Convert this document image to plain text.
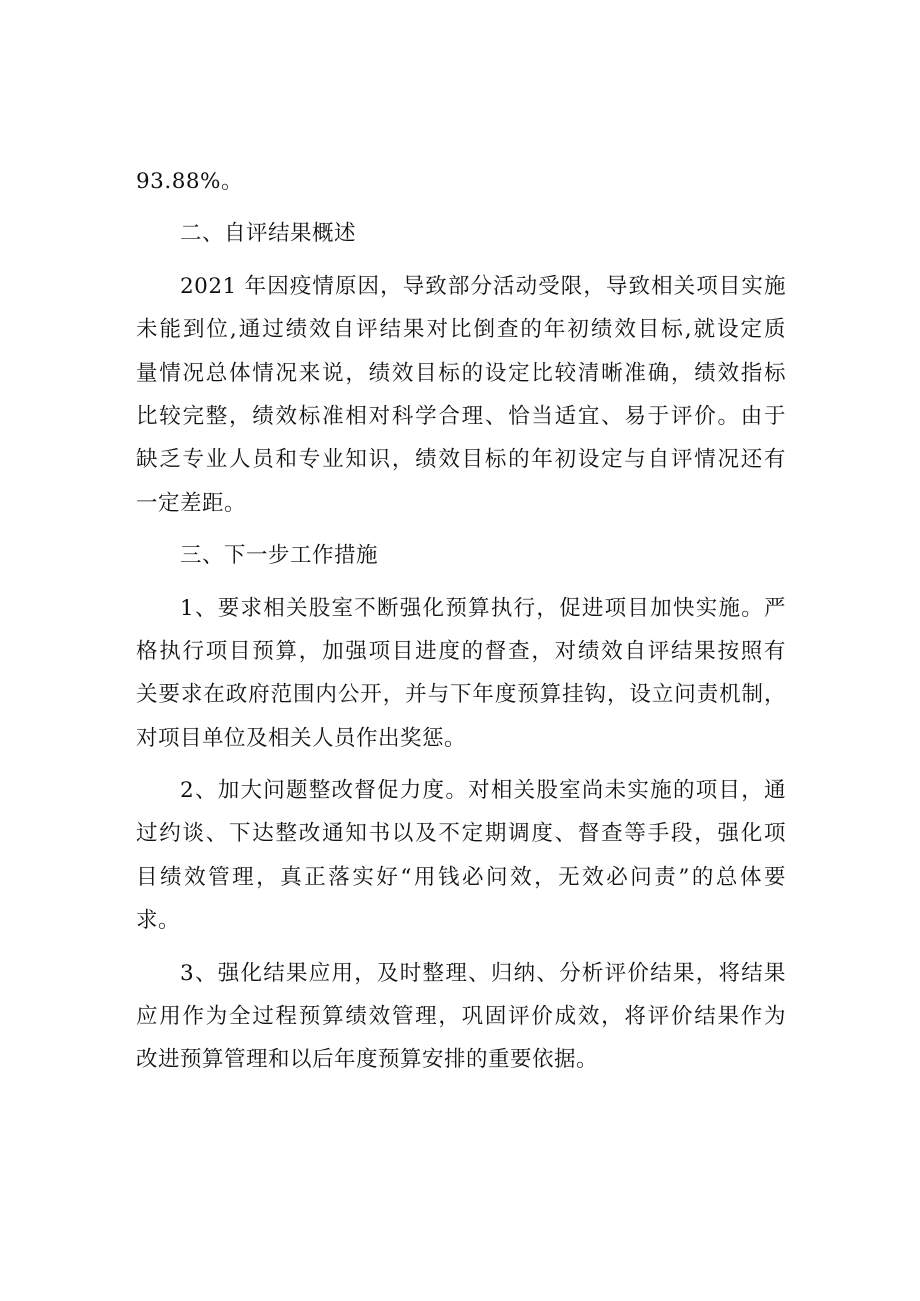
93.88%。
二、自评结果概述
2021 年因疫情原因，导致部分活动受限，导致相关项目实施
未能到位,通过绩效自评结果对比倒查的年初绩效目标,就设定质
量情况总体情况来说，绩效目标的设定比较清晰准确，绩效指标
比较完整，绩效标准相对科学合理、恰当适宜、易于评价。由于
缺乏专业人员和专业知识，绩效目标的年初设定与自评情况还有
一定差距。
三、下一步工作措施
1、要求相关股室不断强化预算执行，促进项目加快实施。严
格执行项目预算，加强项目进度的督查，对绩效自评结果按照有
关要求在政府范围内公开，并与下年度预算挂钩，设立问责机制，
对项目单位及相关人员作出奖惩。
2、加大问题整改督促力度。对相关股室尚未实施的项目，通
过约谈、下达整改通知书以及不定期调度、督查等手段，强化项
目绩效管理，真正落实好“用钱必问效，无效必问责”的总体要
求。
3、强化结果应用，及时整理、归纳、分析评价结果，将结果
应用作为全过程预算绩效管理，巩固评价成效，将评价结果作为
改进预算管理和以后年度预算安排的重要依据。
